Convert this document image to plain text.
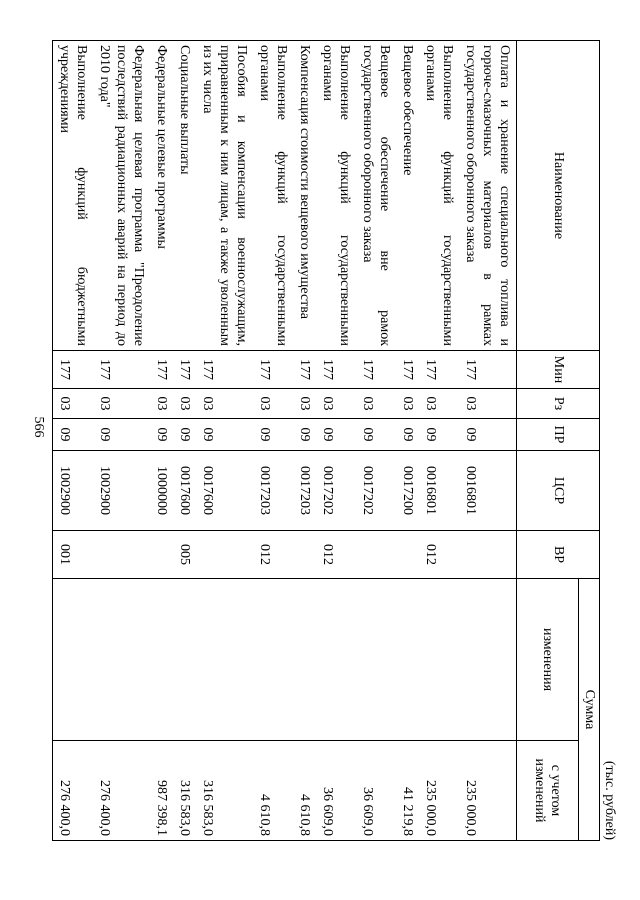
566
(тыс. рублей)
Наименование	Мин	Рз	ПР	ЦСР	ВР	Сумма	
						изменения	с учетом изменений
Оплата и хранение специального топлива и горюче-смазочных материалов в рамках государственного оборонного заказа	177	03	09	0016801			235 000,0
Выполнение функций государственными органами	177	03	09	0016801	012		235 000,0
Вещевое обеспечение	177	03	09	0017200			41 219,8
Вещевое обеспечение вне рамок государственного оборонного заказа	177	03	09	0017202			36 609,0
Выполнение функций государственными органами	177	03	09	0017202	012		36 609,0
Компенсация стоимости вещевого имущества	177	03	09	0017203			4 610,8
Выполнение функций государственными органами	177	03	09	0017203	012		4 610,8
Пособия и компенсации военнослужащим, приравненным к ним лицам, а также уволенным из их числа	177	03	09	0017600			316 583,0
Социальные выплаты	177	03	09	0017600	005		316 583,0
Федеральные целевые программы	177	03	09	1000000			987 398,1
Федеральная целевая программа "Преодоление последствий радиационных аварий на период до 2010 года"	177	03	09	1002900			276 400,0
Выполнение функций бюджетными учреждениями	177	03	09	1002900	001		276 400,0
